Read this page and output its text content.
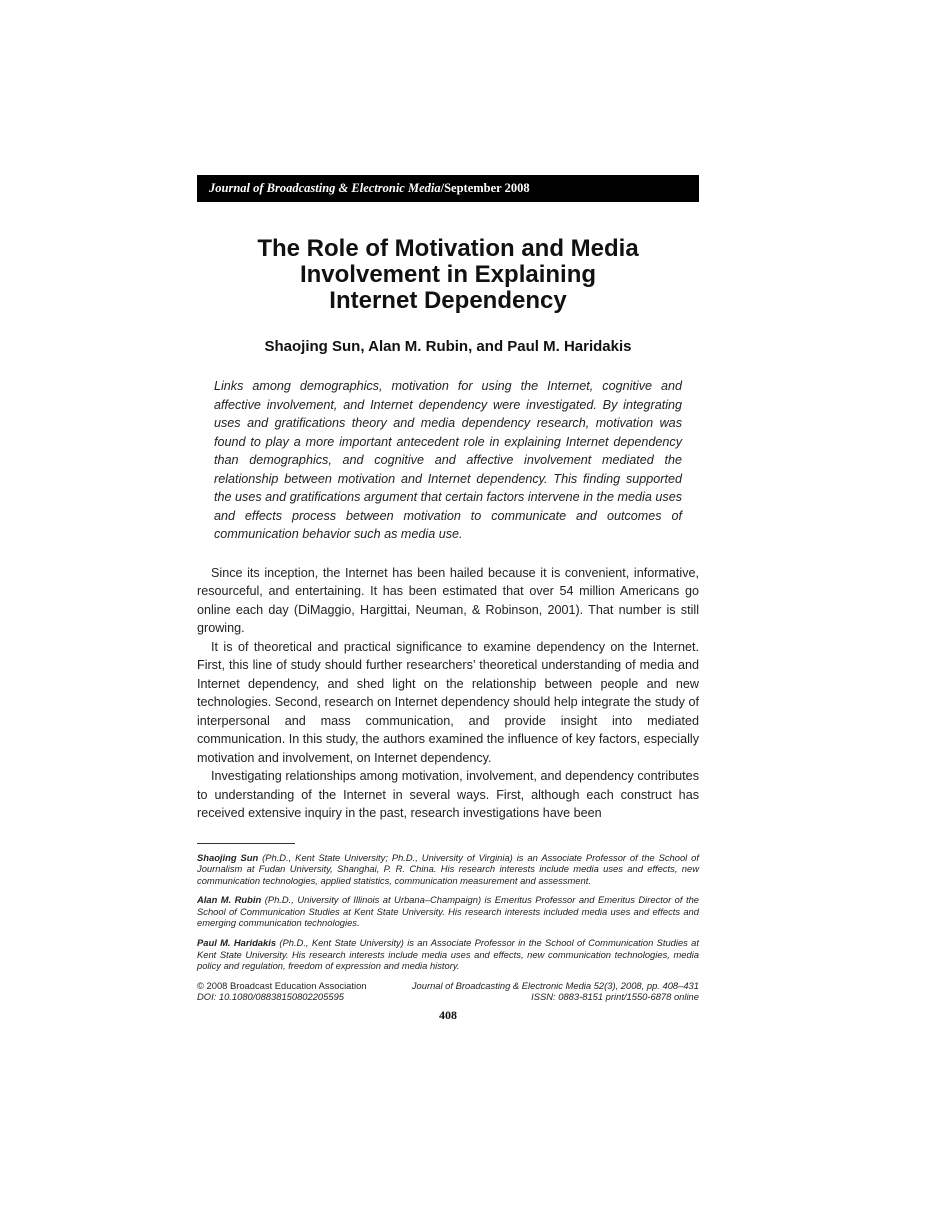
Journal of Broadcasting & Electronic Media/September 2008
The Role of Motivation and Media
Involvement in Explaining
Internet Dependency
Shaojing Sun, Alan M. Rubin, and Paul M. Haridakis
Links among demographics, motivation for using the Internet, cognitive and affective involvement, and Internet dependency were investigated. By integrating uses and gratifications theory and media dependency research, motivation was found to play a more important antecedent role in explaining Internet dependency than demographics, and cognitive and affective involvement mediated the relationship between motivation and Internet dependency. This finding supported the uses and gratifications argument that certain factors intervene in the media uses and effects process between motivation to communicate and outcomes of communication behavior such as media use.

Since its inception, the Internet has been hailed because it is convenient, informative, resourceful, and entertaining. It has been estimated that over 54 million Americans go online each day (DiMaggio, Hargittai, Neuman, & Robinson, 2001). That number is still growing.

It is of theoretical and practical significance to examine dependency on the Internet. First, this line of study should further researchers’ theoretical understanding of media and Internet dependency, and shed light on the relationship between people and new technologies. Second, research on Internet dependency should help integrate the study of interpersonal and mass communication, and provide insight into mediated communication. In this study, the authors examined the influence of key factors, especially motivation and involvement, on Internet dependency.

Investigating relationships among motivation, involvement, and dependency contributes to understanding of the Internet in several ways. First, although each construct has received extensive inquiry in the past, research investigations have been

Shaojing Sun (Ph.D., Kent State University; Ph.D., University of Virginia) is an Associate Professor of the School of Journalism at Fudan University, Shanghai, P. R. China. His research interests include media uses and effects, new communication technologies, applied statistics, communication measurement and assessment.

Alan M. Rubin (Ph.D., University of Illinois at Urbana–Champaign) is Emeritus Professor and Emeritus Director of the School of Communication Studies at Kent State University. His research interests included media uses and effects and emerging communication technologies.

Paul M. Haridakis (Ph.D., Kent State University) is an Associate Professor in the School of Communication Studies at Kent State University. His research interests include media uses and effects, new communication technologies, media policy and regulation, freedom of expression and media history.

© 2008 Broadcast Education Association
DOI: 10.1080/08838150802205595
Journal of Broadcasting & Electronic Media 52(3), 2008, pp. 408–431
ISSN: 0883-8151 print/1550-6878 online
408
